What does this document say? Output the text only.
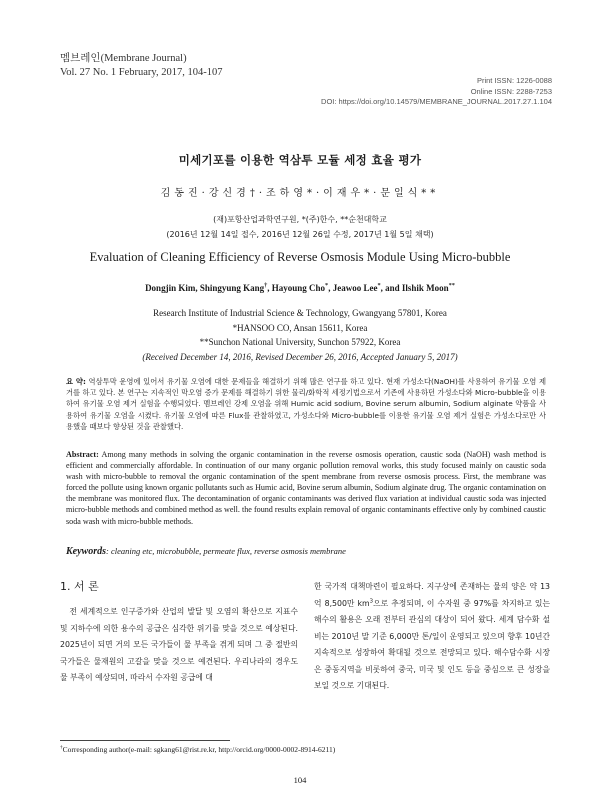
멤브레인(Membrane Journal)
Vol. 27 No. 1 February, 2017, 104-107
Print ISSN: 1226-0088
Online ISSN: 2288-7253
DOI: https://doi.org/10.14579/MEMBRANE_JOURNAL.2017.27.1.104
미세기포를 이용한 역삼투 모듈 세정 효율 평가
김동진·강신경†·조하영*·이재우*·문일식**
(재)포항산업과학연구원, *(주)한수, **순천대학교
(2016년 12월 14일 접수, 2016년 12월 26일 수정, 2017년 1월 5일 채택)
Evaluation of Cleaning Efficiency of Reverse Osmosis Module Using Micro-bubble
Dongjin Kim, Shingyung Kang†, Hayoung Cho*, Jeawoo Lee*, and Ilshik Moon**
Research Institute of Industrial Science & Technology, Gwangyang 57801, Korea
*HANSOO CO, Ansan 15611, Korea
**Sunchon National University, Sunchon 57922, Korea
(Received December 14, 2016, Revised December 26, 2016, Accepted January 5, 2017)
요 약: 역삼투막 운영에 있어서 유기물 오염에 대한 문제들을 해결하기 위해 많은 연구를 하고 있다. 현재 가성소다(NaOH)를 사용하여 유기물 오염 제거를 하고 있다. 본 연구는 지속적인 막오염 증가 문제를 해결하기 위한 물리/화학적 세정기법으로서 기존에 사용하던 가성소다와 Micro-bubble을 이용하여 유기물 오염 제거 실험을 수행되었다. 멤브레인 강제 오염을 위해 Humic acid sodium, Bovine serum albumin, Sodium alginate 약품을 사용하여 유기물 오염을 시켰다. 유기물 오염에 따른 Flux를 관찰하였고, 가성소다와 Micro-bubble를 이용한 유기물 오염 제거 실험은 가성소다로만 사용했을 때보다 향상된 것을 관찰했다.
Abstract: Among many methods in solving the organic contamination in the reverse osmosis operation, caustic soda (NaOH) wash method is efficient and commercially affordable. In continuation of our many organic pollution removal works, this study focused mainly on caustic soda wash with micro-bubble to removal the organic contamination of the spent membrane from reverse osmosis process. First, the membrane was forced the pollute using known organic pollutants such as Humic acid, Bovine serum albumin, Sodium alginate drug. The organic contamination on the membrane was monitored flux. The decontamination of organic contaminants was derived flux variation at individual caustic soda was injected micro-bubble methods and combined method as well. the found results explain removal of organic contaminants effective only by combined caustic soda wash with micro-bubble methods.
Keywords: cleaning etc, microbubble, permeate flux, reverse osmosis membrane
1. 서 론

전 세계적으로 인구증가와 산업의 발달 및 오염의 확산으로 지표수 및 지하수에 의한 용수의 공급은 심각한 위기를 맞을 것으로 예상된다. 2025년이 되면 거의 모든 국가들이 물 부족을 겪게 되며 그 중 절반의 국가들은 물재원의 고갈을 맞을 것으로 예견된다. 우리나라의 경우도 물 부족이 예상되며, 따라서 수자원 공급에 대

한 국가적 대책마련이 필요하다. 지구상에 존재하는 물의 양은 약 13억 8,500만 $km^3$으로 추정되며, 이 수자원 중 97%를 차지하고 있는 해수의 활용은 오래 전부터 관심의 대상이 되어 왔다. 세계 담수화 설비는 2010년 말 기준 6,000만 톤/일이 운영되고 있으며 향후 10년간 지속적으로 성장하여 확대될 것으로 전망되고 있다. 해수담수화 시장은 중동지역을 비롯하여 중국, 미국 및 인도 등을 중심으로 큰 성장을 보일 것으로 기대된다.

†Corresponding author(e-mail: sgkang61@rist.re.kr, http://orcid.org/0000-0002-8914-6211)
104
